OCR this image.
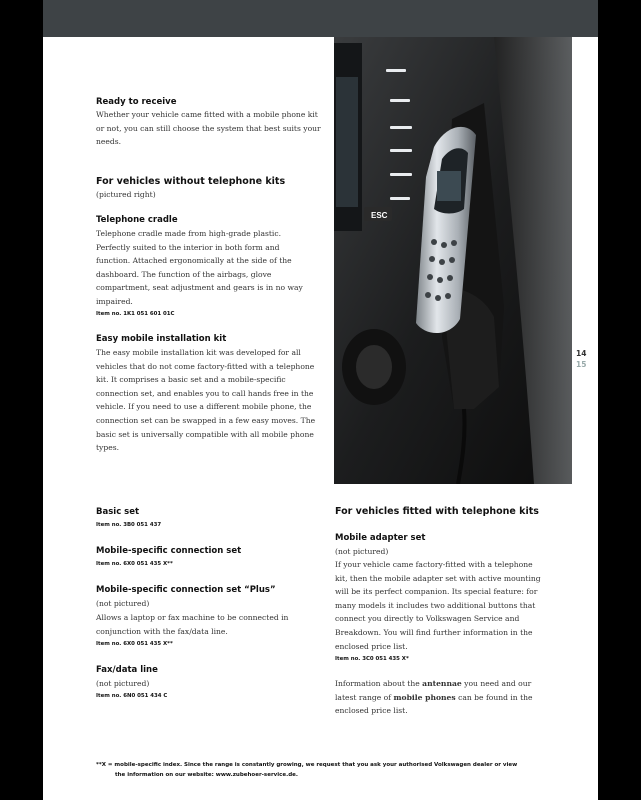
Ready to receive

Whether your vehicle came fitted with a mobile phone kit or not, you can still choose the system that best suits your needs.

For vehicles without telephone kits

(pictured right)

Telephone cradle

Telephone cradle made from high-grade plastic. Perfectly suited to the interior in both form and function. Attached ergonomically at the side of the dashboard. The function of the airbags, glove compartment, seat adjustment and gears is in no way impaired.

Item no. 1K1 051 601 01C

Easy mobile installation kit

The easy mobile installation kit was developed for all vehicles that do not come factory-fitted with a telephone kit. It comprises a basic set and a mobile-specific connection set, and enables you to call hands free in the vehicle. If you need to use a different mobile phone, the connection set can be swapped in a few easy moves. The basic set is universally compatible with all mobile phone types.

ESC
14
15
Basic set

Item no. 3B0 051 437

Mobile-specific connection set

Item no. 6X0 051 435 X**

Mobile-specific connection set “Plus”

(not pictured)

Allows a laptop or fax machine to be connected in conjunction with the fax/data line.

Item no. 6X0 051 435 X**

Fax/data line

(not pictured)

Item no. 6N0 051 434 C

For vehicles fitted with telephone kits
Mobile adapter set

(not pictured)

If your vehicle came factory-fitted with a telephone kit, then the mobile adapter set with active mounting will be its perfect companion. Its special feature: for many models it includes two additional buttons that connect you directly to Volkswagen Service and Breakdown. You will find further information in the enclosed price list.

Item no. 3C0 051 435 X*

Information about the antennae you need and our latest range of mobile phones can be found in the enclosed price list.

**X = mobile-specific index. Since the range is constantly growing, we request that you ask your authorised Volkswagen dealer or view
the information on our website: www.zubehoer-service.de.
